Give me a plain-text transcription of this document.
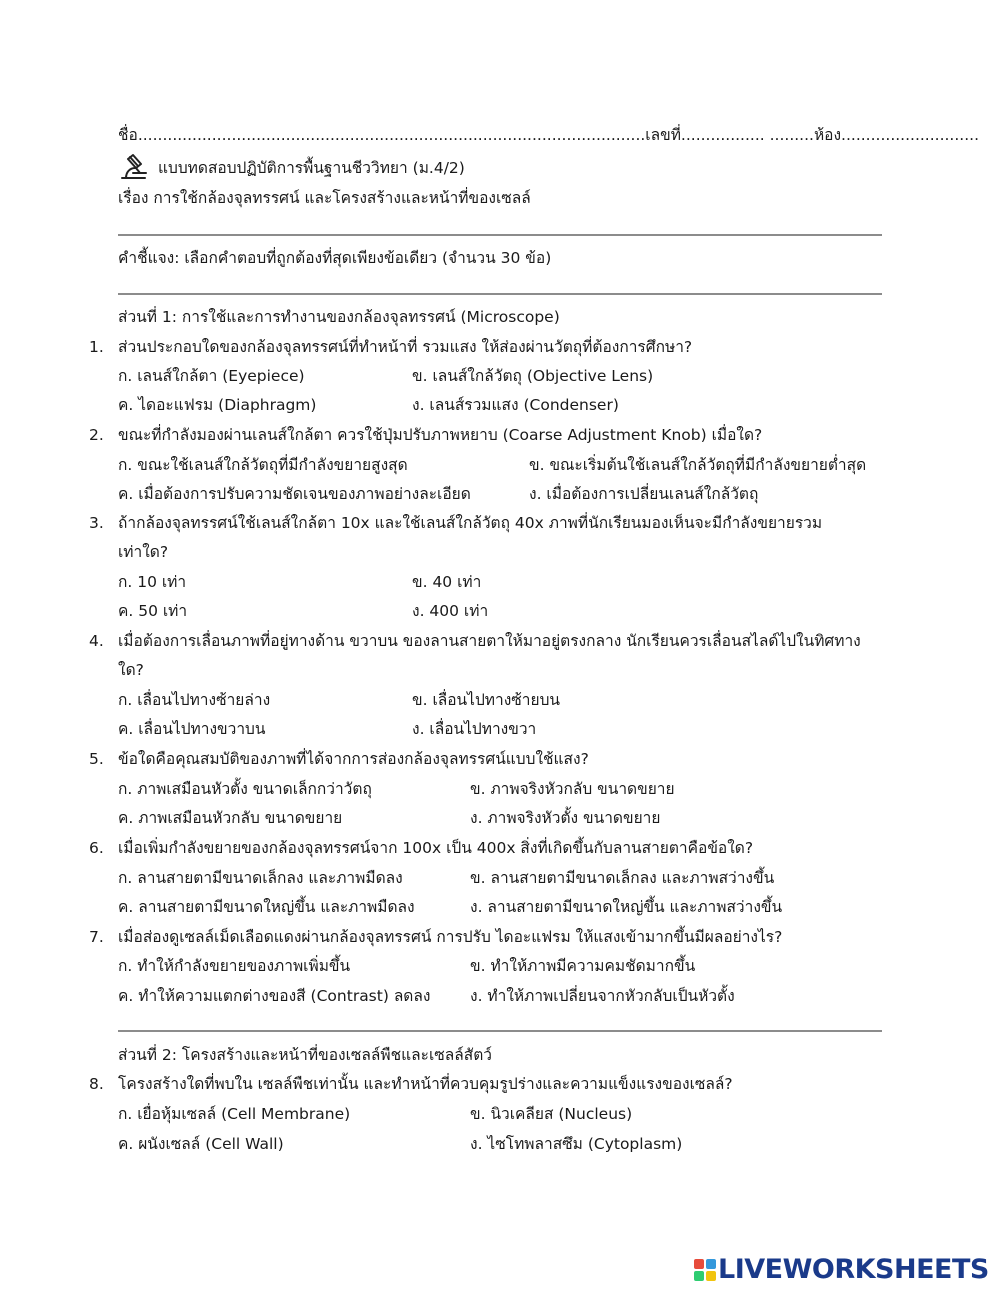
ชื่อ.......................................................................................................เลขที่................. .........ห้อง............................
แบบทดสอบปฏิบัติการพื้นฐานชีววิทยา (ม.4/2)
เรื่อง การใช้กล้องจุลทรรศน์ และโครงสร้างและหน้าที่ของเซลล์
คำชี้แจง: เลือกคำตอบที่ถูกต้องที่สุดเพียงข้อเดียว (จำนวน 30 ข้อ)
ส่วนที่ 1: การใช้และการทำงานของกล้องจุลทรรศน์ (Microscope)
1. ส่วนประกอบใดของกล้องจุลทรรศน์ที่ทำหน้าที่ รวมแสง ให้ส่องผ่านวัตถุที่ต้องการศึกษา?
ก. เลนส์ใกล้ตา (Eyepiece)	ข. เลนส์ใกล้วัตถุ (Objective Lens)
ค. ไดอะแฟรม (Diaphragm)	ง. เลนส์รวมแสง (Condenser)
2. ขณะที่กำลังมองผ่านเลนส์ใกล้ตา ควรใช้ปุ่มปรับภาพหยาบ (Coarse Adjustment Knob) เมื่อใด?
ก. ขณะใช้เลนส์ใกล้วัตถุที่มีกำลังขยายสูงสุด	ข. ขณะเริ่มต้นใช้เลนส์ใกล้วัตถุที่มีกำลังขยายต่ำสุด
ค. เมื่อต้องการปรับความชัดเจนของภาพอย่างละเอียด	ง. เมื่อต้องการเปลี่ยนเลนส์ใกล้วัตถุ
3. ถ้ากล้องจุลทรรศน์ใช้เลนส์ใกล้ตา 10x และใช้เลนส์ใกล้วัตถุ 40x ภาพที่นักเรียนมองเห็นจะมีกำลังขยายรวม
เท่าใด?
ก. 10 เท่า	ข. 40 เท่า
ค. 50 เท่า	ง. 400 เท่า
4. เมื่อต้องการเลื่อนภาพที่อยู่ทางด้าน ขวาบน ของลานสายตาให้มาอยู่ตรงกลาง นักเรียนควรเลื่อนสไลด์ไปในทิศทาง
ใด?
ก. เลื่อนไปทางซ้ายล่าง	ข. เลื่อนไปทางซ้ายบน
ค. เลื่อนไปทางขวาบน	ง. เลื่อนไปทางขวา
5. ข้อใดคือคุณสมบัติของภาพที่ได้จากการส่องกล้องจุลทรรศน์แบบใช้แสง?
ก. ภาพเสมือนหัวตั้ง ขนาดเล็กกว่าวัตถุ	ข. ภาพจริงหัวกลับ ขนาดขยาย
ค. ภาพเสมือนหัวกลับ ขนาดขยาย	ง. ภาพจริงหัวตั้ง ขนาดขยาย
6. เมื่อเพิ่มกำลังขยายของกล้องจุลทรรศน์จาก 100x เป็น 400x สิ่งที่เกิดขึ้นกับลานสายตาคือข้อใด?
ก. ลานสายตามีขนาดเล็กลง และภาพมืดลง	ข. ลานสายตามีขนาดเล็กลง และภาพสว่างขึ้น
ค. ลานสายตามีขนาดใหญ่ขึ้น และภาพมืดลง	ง. ลานสายตามีขนาดใหญ่ขึ้น และภาพสว่างขึ้น
7. เมื่อส่องดูเซลล์เม็ดเลือดแดงผ่านกล้องจุลทรรศน์ การปรับ ไดอะแฟรม ให้แสงเข้ามากขึ้นมีผลอย่างไร?
ก. ทำให้กำลังขยายของภาพเพิ่มขึ้น	ข. ทำให้ภาพมีความคมชัดมากขึ้น
ค. ทำให้ความแตกต่างของสี (Contrast) ลดลง	ง. ทำให้ภาพเปลี่ยนจากหัวกลับเป็นหัวตั้ง
ส่วนที่ 2: โครงสร้างและหน้าที่ของเซลล์พืชและเซลล์สัตว์
8. โครงสร้างใดที่พบใน เซลล์พืชเท่านั้น และทำหน้าที่ควบคุมรูปร่างและความแข็งแรงของเซลล์?
ก. เยื่อหุ้มเซลล์ (Cell Membrane)	ข. นิวเคลียส (Nucleus)
ค. ผนังเซลล์ (Cell Wall)	ง. ไซโทพลาสซึม (Cytoplasm)
LIVEWORKSHEETS
